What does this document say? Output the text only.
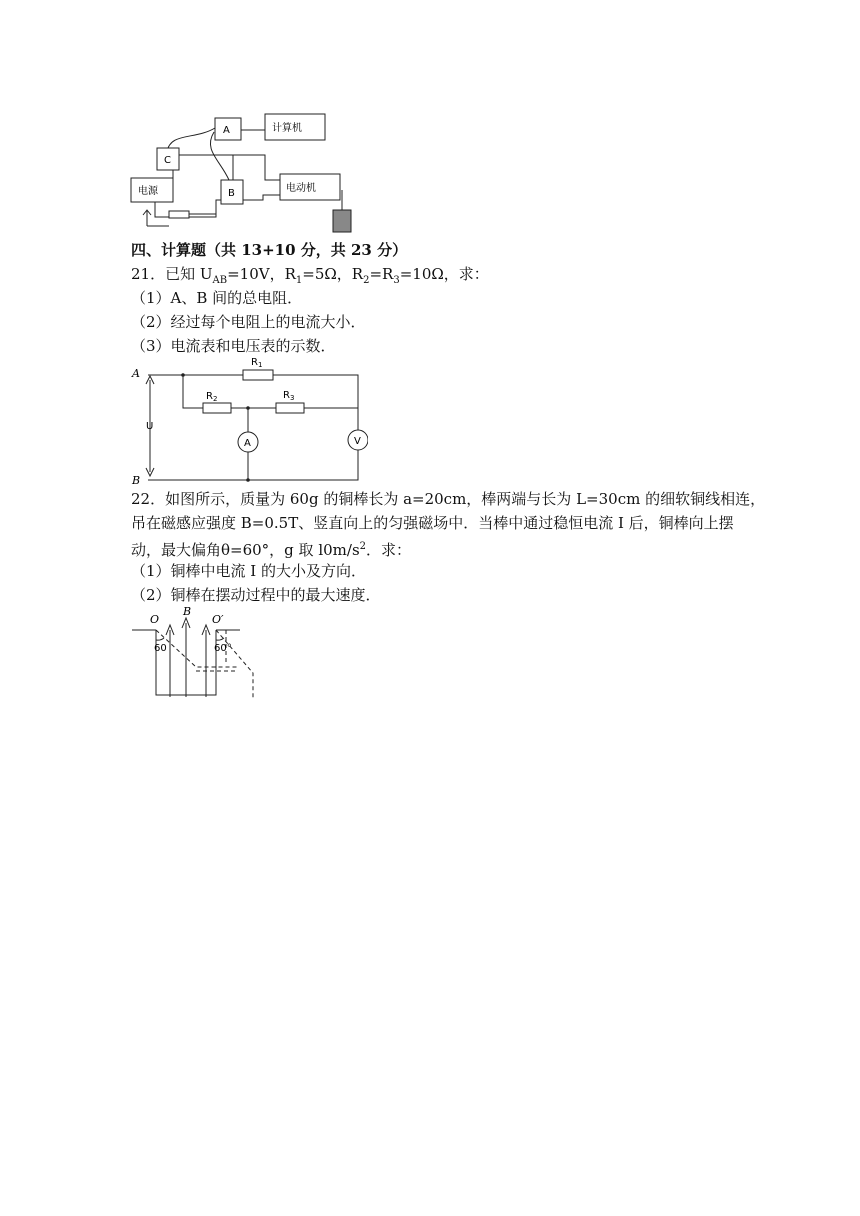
A	计算机
C
电源	B	电动机
四、计算题（共 13+10 分，共 23 分）
21．已知 $U_{AB}=10V$，$R_1=5\Omega$，$R_2=R_3=10\Omega$，求：
（1）A、B 间的总电阻．
（2）经过每个电阻上的电流大小．
（3）电流表和电压表的示数．
A
B
U
$R_1$
$R_2$	$R_3$
A	V
22．如图所示，质量为 60g 的铜棒长为 a=20cm，棒两端与长为 L=30cm 的细软铜线相连，
吊在磁感应强度 B=0.5T、竖直向上的匀强磁场中．当棒中通过稳恒电流 I 后，铜棒向上摆
动，最大偏角θ=60°，g 取 $l0m/s^2$．求：
（1）铜棒中电流 I 的大小及方向．
（2）铜棒在摆动过程中的最大速度．
O	O′
B
60	60°
